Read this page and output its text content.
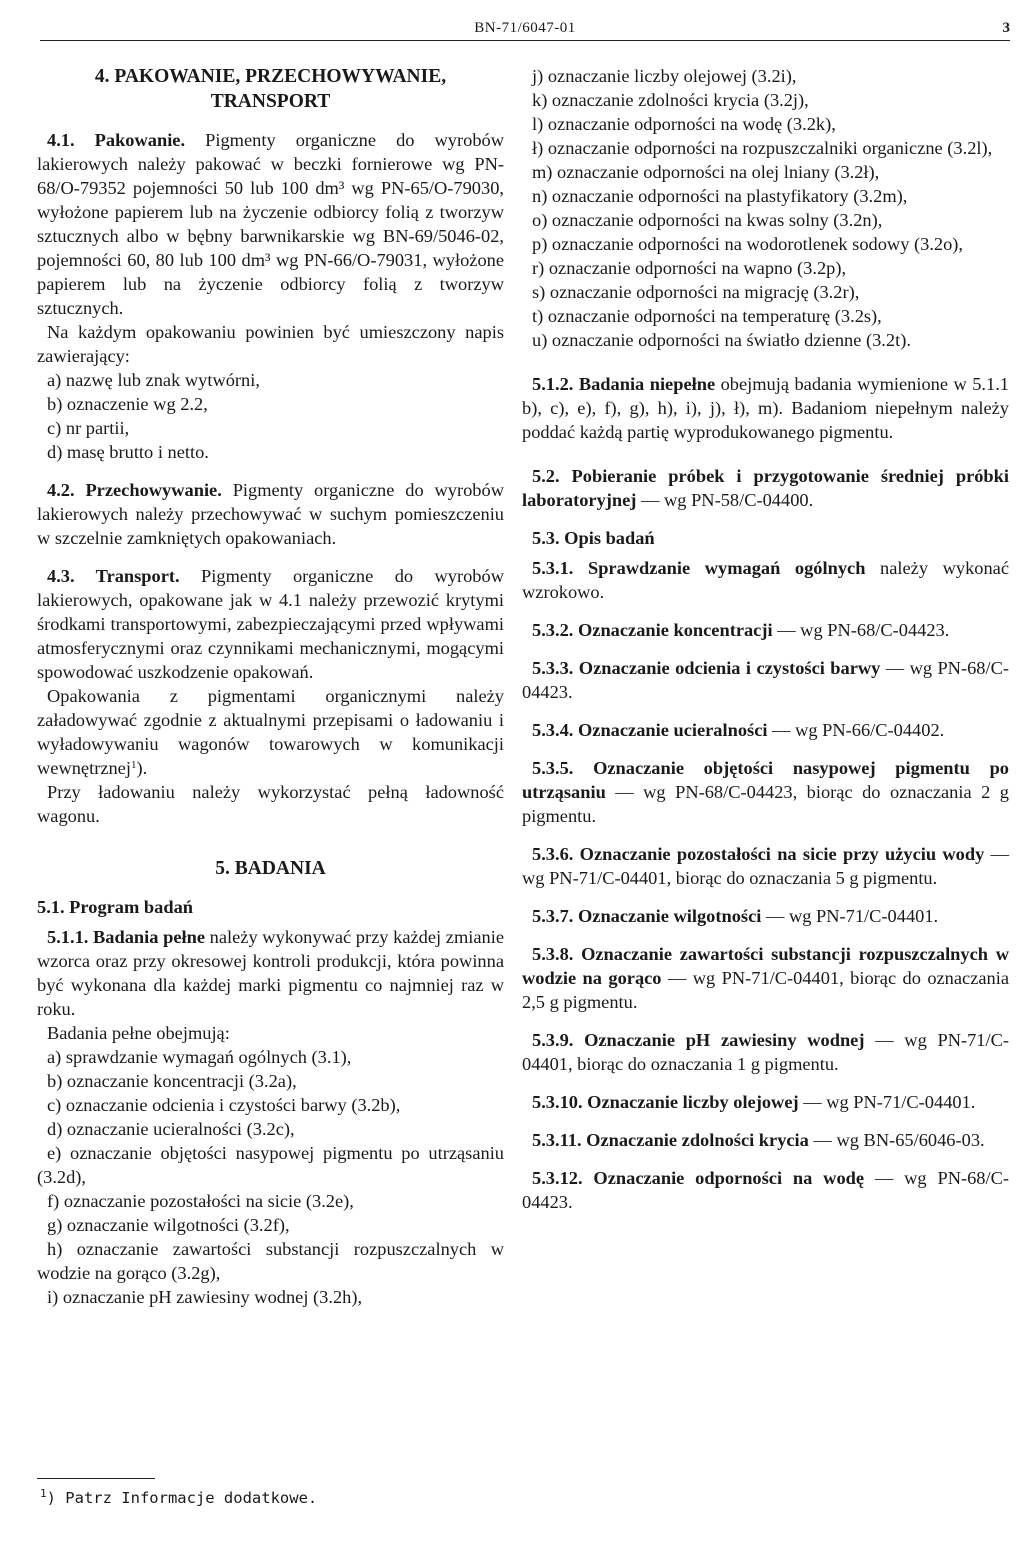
BN-71/6047-01	3

4. PAKOWANIE, PRZECHOWYWANIE, TRANSPORT

4.1. Pakowanie. Pigmenty organiczne do wyrobów lakierowych należy pakować w beczki fornierowe wg PN-68/O-79352 pojemności 50 lub 100 dm³ wg PN-65/O-79030, wyłożone papierem lub na życzenie odbiorcy folią z tworzyw sztucznych albo w bębny barwnikarskie wg BN-69/5046-02, pojemności 60, 80 lub 100 dm³ wg PN-66/O-79031, wyłożone papierem lub na życzenie odbiorcy folią z tworzyw sztucznych.

Na każdym opakowaniu powinien być umieszczony napis zawierający:

a) nazwę lub znak wytwórni,

b) oznaczenie wg 2.2,

c) nr partii,

d) masę brutto i netto.

4.2. Przechowywanie. Pigmenty organiczne do wyrobów lakierowych należy przechowywać w suchym pomieszczeniu w szczelnie zamkniętych opakowaniach.

4.3. Transport. Pigmenty organiczne do wyrobów lakierowych, opakowane jak w 4.1 należy przewozić krytymi środkami transportowymi, zabezpieczającymi przed wpływami atmosferycznymi oraz czynnikami mechanicznymi, mogącymi spowodować uszkodzenie opakowań.

Opakowania z pigmentami organicznymi należy załadowywać zgodnie z aktualnymi przepisami o ładowaniu i wyładowywaniu wagonów towarowych w komunikacji wewnętrznej$^1$).

Przy ładowaniu należy wykorzystać pełną ładowność wagonu.

5. BADANIA

5.1. Program badań

5.1.1. Badania pełne należy wykonywać przy każdej zmianie wzorca oraz przy okresowej kontroli produkcji, która powinna być wykonana dla każdej marki pigmentu co najmniej raz w roku.

Badania pełne obejmują:

a) sprawdzanie wymagań ogólnych (3.1),

b) oznaczanie koncentracji (3.2a),

c) oznaczanie odcienia i czystości barwy (3.2b),

d) oznaczanie ucieralności (3.2c),

e) oznaczanie objętości nasypowej pigmentu po utrząsaniu (3.2d),

f) oznaczanie pozostałości na sicie (3.2e),

g) oznaczanie wilgotności (3.2f),

h) oznaczanie zawartości substancji rozpuszczalnych w wodzie na gorąco (3.2g),

i) oznaczanie pH zawiesiny wodnej (3.2h),

j) oznaczanie liczby olejowej (3.2i),

k) oznaczanie zdolności krycia (3.2j),

l) oznaczanie odporności na wodę (3.2k),

ł) oznaczanie odporności na rozpuszczalniki organiczne (3.2l),

m) oznaczanie odporności na olej lniany (3.2ł),

n) oznaczanie odporności na plastyfikatory (3.2m),

o) oznaczanie odporności na kwas solny (3.2n),

p) oznaczanie odporności na wodorotlenek sodowy (3.2o),

r) oznaczanie odporności na wapno (3.2p),

s) oznaczanie odporności na migrację (3.2r),

t) oznaczanie odporności na temperaturę (3.2s),

u) oznaczanie odporności na światło dzienne (3.2t).

5.1.2. Badania niepełne obejmują badania wymienione w 5.1.1 b), c), e), f), g), h), i), j), ł), m). Badaniom niepełnym należy poddać każdą partię wyprodukowanego pigmentu.

5.2. Pobieranie próbek i przygotowanie średniej próbki laboratoryjnej — wg PN-58/C-04400.

5.3. Opis badań

5.3.1. Sprawdzanie wymagań ogólnych należy wykonać wzrokowo.

5.3.2. Oznaczanie koncentracji — wg PN-68/C-04423.

5.3.3. Oznaczanie odcienia i czystości barwy — wg PN-68/C-04423.

5.3.4. Oznaczanie ucieralności — wg PN-66/C-04402.

5.3.5. Oznaczanie objętości nasypowej pigmentu po utrząsaniu — wg PN-68/C-04423, biorąc do oznaczania 2 g pigmentu.

5.3.6. Oznaczanie pozostałości na sicie przy użyciu wody — wg PN-71/C-04401, biorąc do oznaczania 5 g pigmentu.

5.3.7. Oznaczanie wilgotności — wg PN-71/C-04401.

5.3.8. Oznaczanie zawartości substancji rozpuszczalnych w wodzie na gorąco — wg PN-71/C-04401, biorąc do oznaczania 2,5 g pigmentu.

5.3.9. Oznaczanie pH zawiesiny wodnej — wg PN-71/C-04401, biorąc do oznaczania 1 g pigmentu.

5.3.10. Oznaczanie liczby olejowej — wg PN-71/C-04401.

5.3.11. Oznaczanie zdolności krycia — wg BN-65/6046-03.

5.3.12. Oznaczanie odporności na wodę — wg PN-68/C-04423.

$^1$) Patrz Informacje dodatkowe.
